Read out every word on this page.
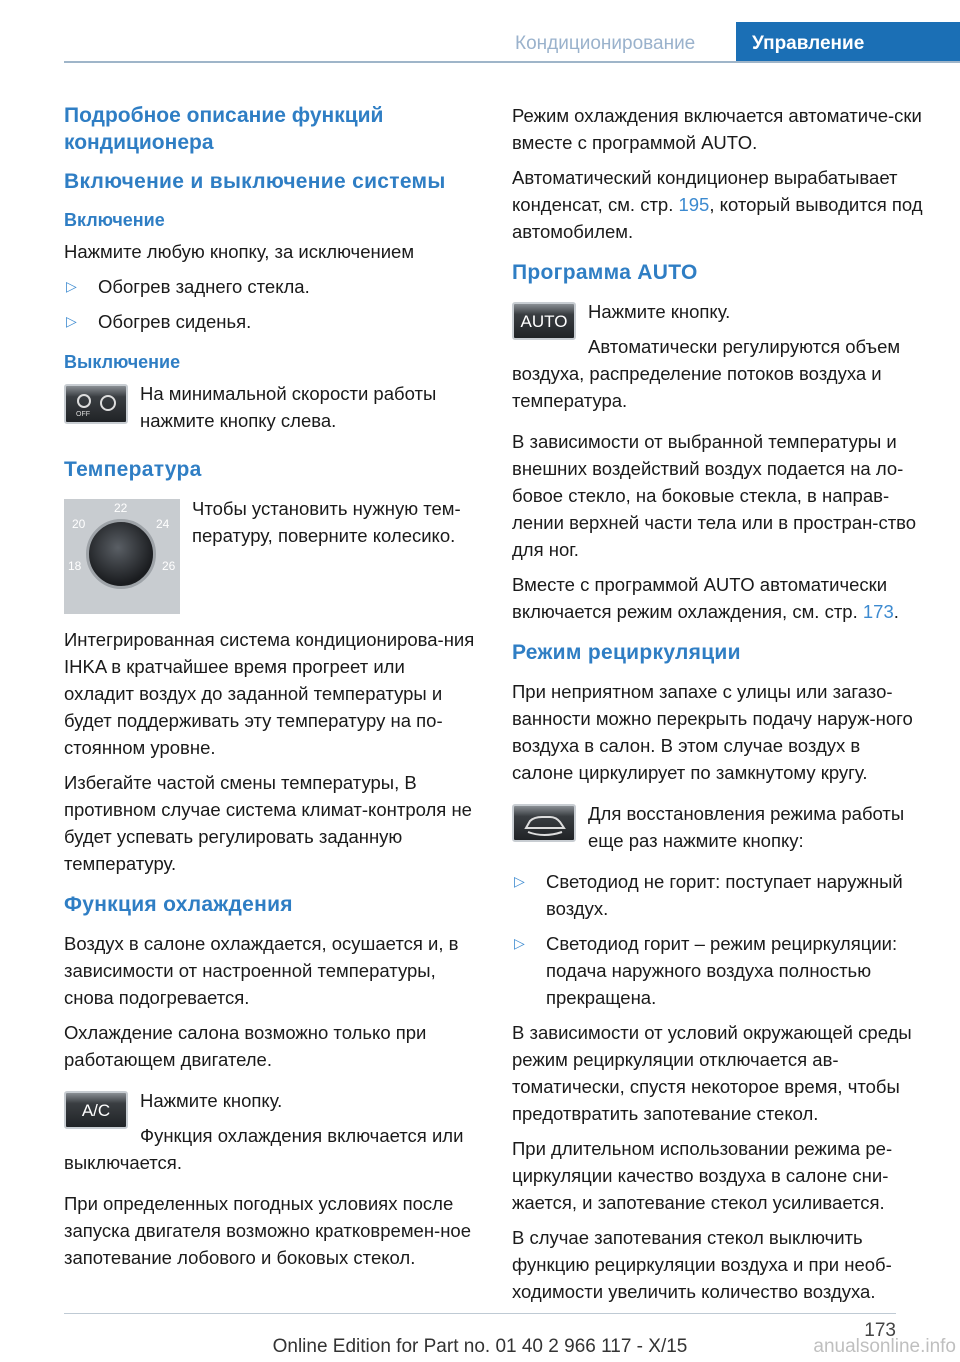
Кондиционирование	Управление
Подробное описание функций кондиционера
Включение и выключение системы
Включение

Нажмите любую кнопку, за исключением

▷ Обогрев заднего стекла.
▷ Обогрев сиденья.
Выключение
OFF

На минимальной скорости работы нажмите кнопку слева.

Температура
22
20	24
18	26

Чтобы установить нужную тем‐пературу, поверните колесико.

Интегрированная система кондиционирова‐ния IHKA в кратчайшее время прогреет или охладит воздух до заданной температуры и будет поддерживать эту температуру на по‐стоянном уровне.

Избегайте частой смены температуры, В противном случае система климат-контроля не будет успевать регулировать заданную температуру.

Функция охлаждения

Воздух в салоне охлаждается, осушается и, в зависимости от настроенной температуры, снова подогревается.

Охлаждение салона возможно только при работающем двигателе.

A/C	Нажмите кнопку.

Функция охлаждения включается или выключается.

При определенных погодных условиях после запуска двигателя возможно кратковремен‐ное запотевание лобового и боковых стекол.

Режим охлаждения включается автоматиче‐ски вместе с программой AUTO.

Автоматический кондиционер вырабатывает конденсат, см. стр. 195, который выводится под автомобилем.

Программа AUTO
AUTO	Нажмите кнопку.

Автоматически регулируются объем воздуха, распределение потоков воздуха и температура.

В зависимости от выбранной температуры и внешних воздействий воздух подается на ло‐бовое стекло, на боковые стекла, в направ‐лении верхней части тела или в простран‐ство для ног.

Вместе с программой AUTO автоматически включается режим охлаждения, см. стр. 173.

Режим рециркуляции

При неприятном запахе с улицы или загазо‐ванности можно перекрыть подачу наруж‐ного воздуха в салон. В этом случае воздух в салоне циркулирует по замкнутому кругу.

Для восстановления режима работы еще раз нажмите кнопку:

▷ Светодиод не горит: поступает наружный воздух.
▷ Светодиод горит – режим рециркуляции: подача наружного воздуха полностью прекращена.

В зависимости от условий окружающей среды режим рециркуляции отключается ав‐томатически, спустя некоторое время, чтобы предотвратить запотевание стекол.

При длительном использовании режима ре‐циркуляции качество воздуха в салоне сни‐жается, и запотевание стекол усиливается.

В случае запотевания стекол выключить функцию рециркуляции воздуха и при необ‐ходимости увеличить количество воздуха.

173
Online Edition for Part no. 01 40 2 966 117 - X/15	anualsonline.info
